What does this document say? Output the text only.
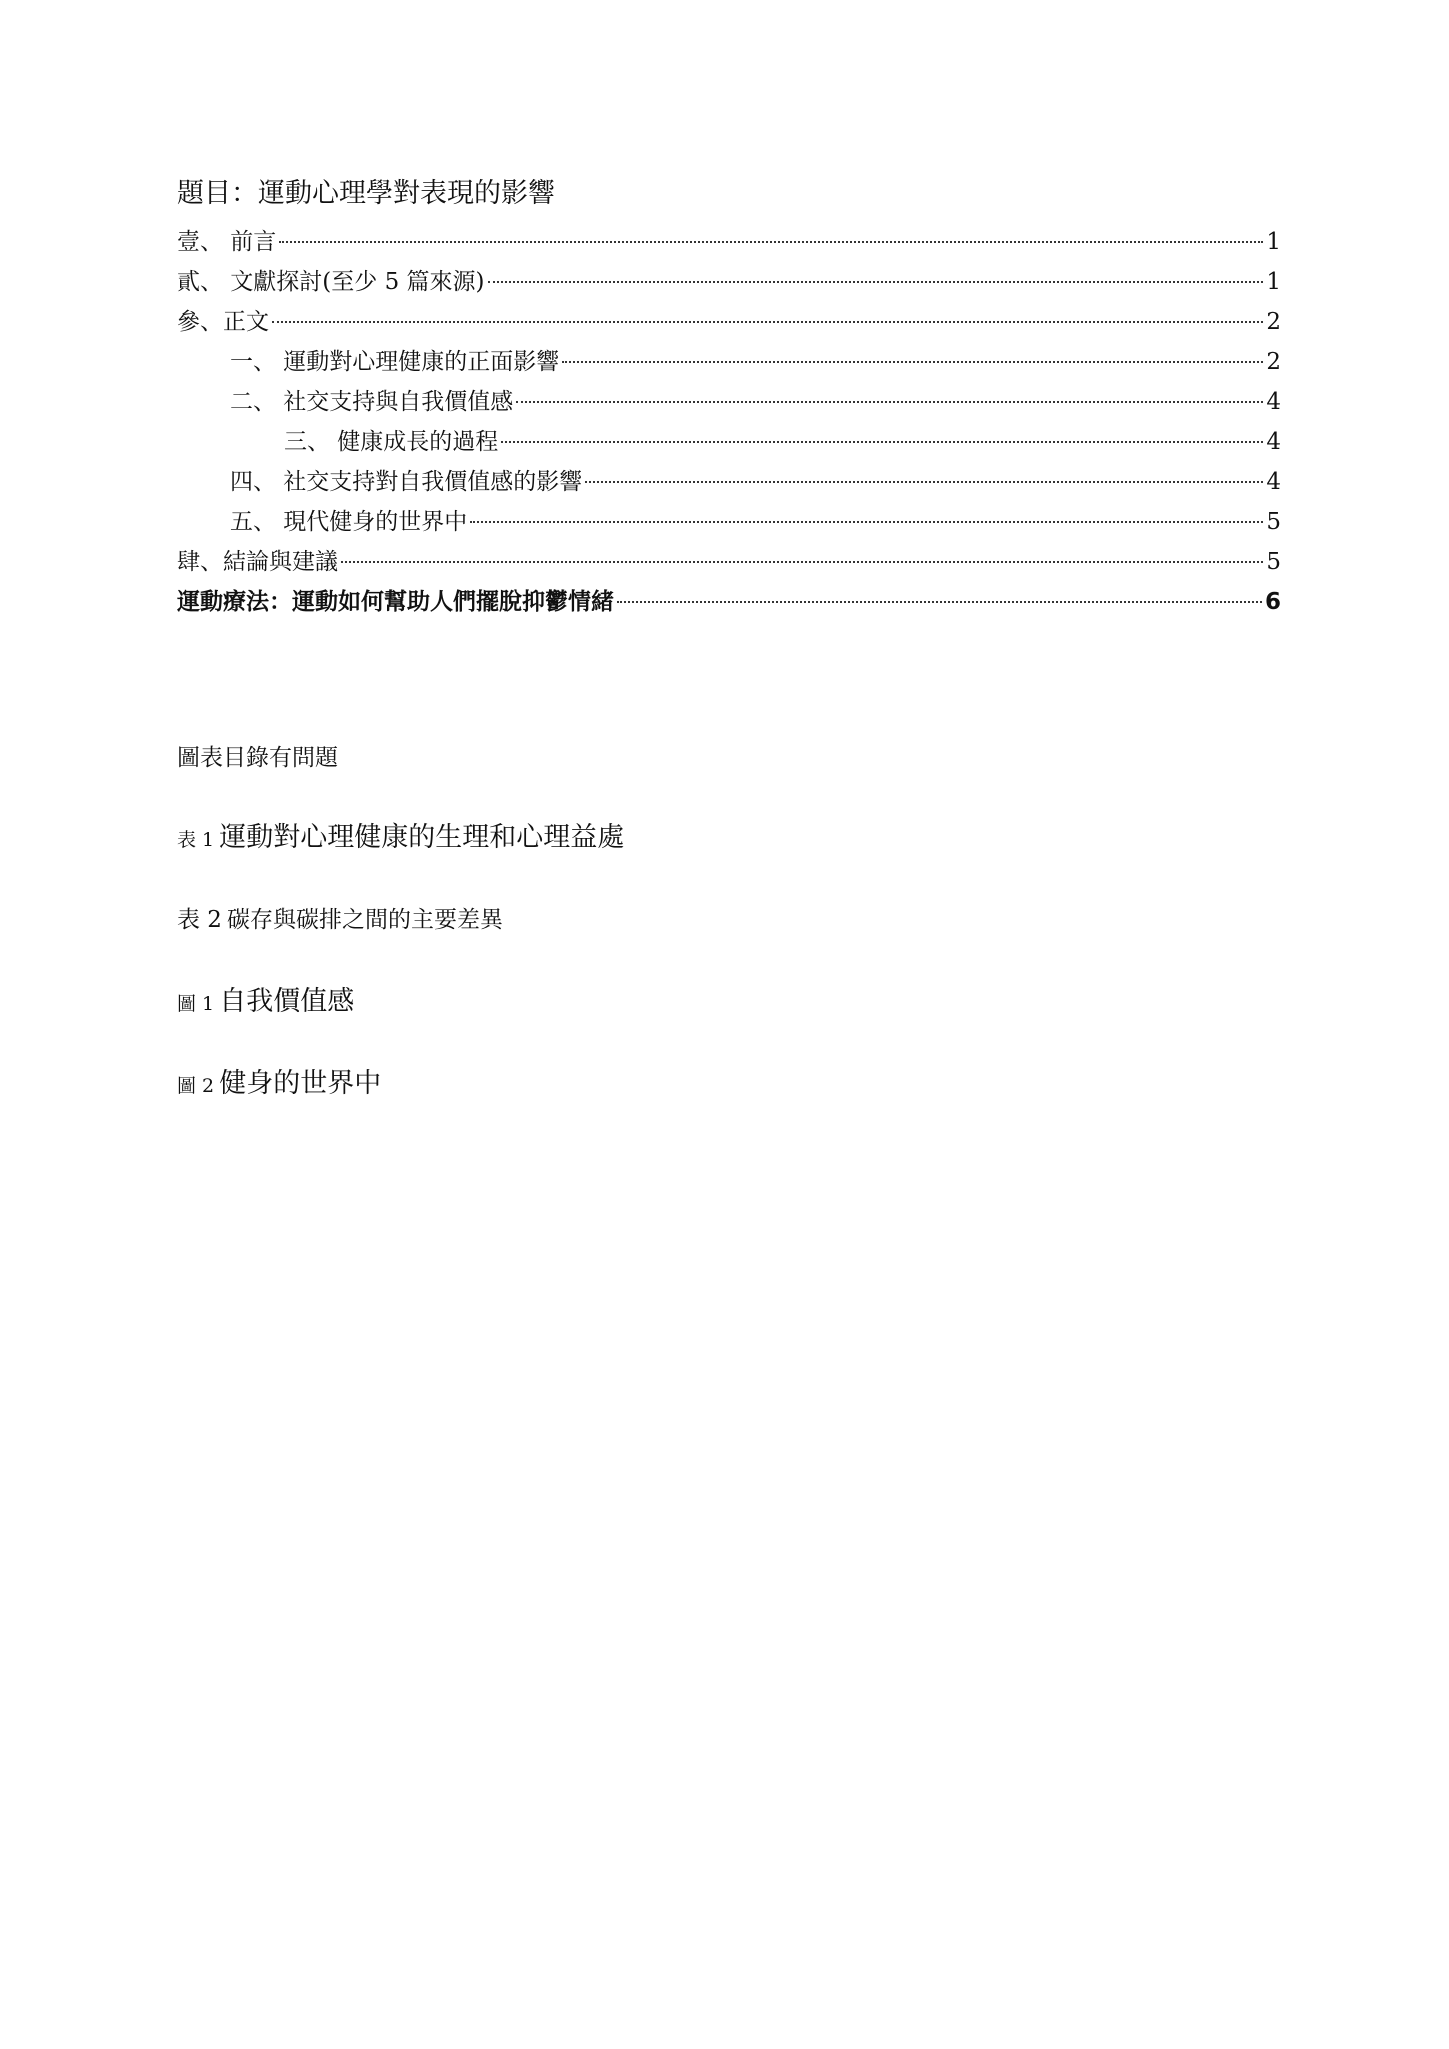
題目：運動心理學對表現的影響
壹、 前言	1
貳、 文獻探討(至少 5 篇來源)	1
參、正文	2
一、 運動對心理健康的正面影響	2
二、 社交支持與自我價值感	4
三、 健康成長的過程	4
四、 社交支持對自我價值感的影響	4
五、 現代健身的世界中	5
肆、結論與建議	5
運動療法：運動如何幫助人們擺脫抑鬱情緒	6
圖表目錄有問題
表 1 運動對心理健康的生理和心理益處
表 2 碳存與碳排之間的主要差異
圖 1 自我價值感
圖 2 健身的世界中
